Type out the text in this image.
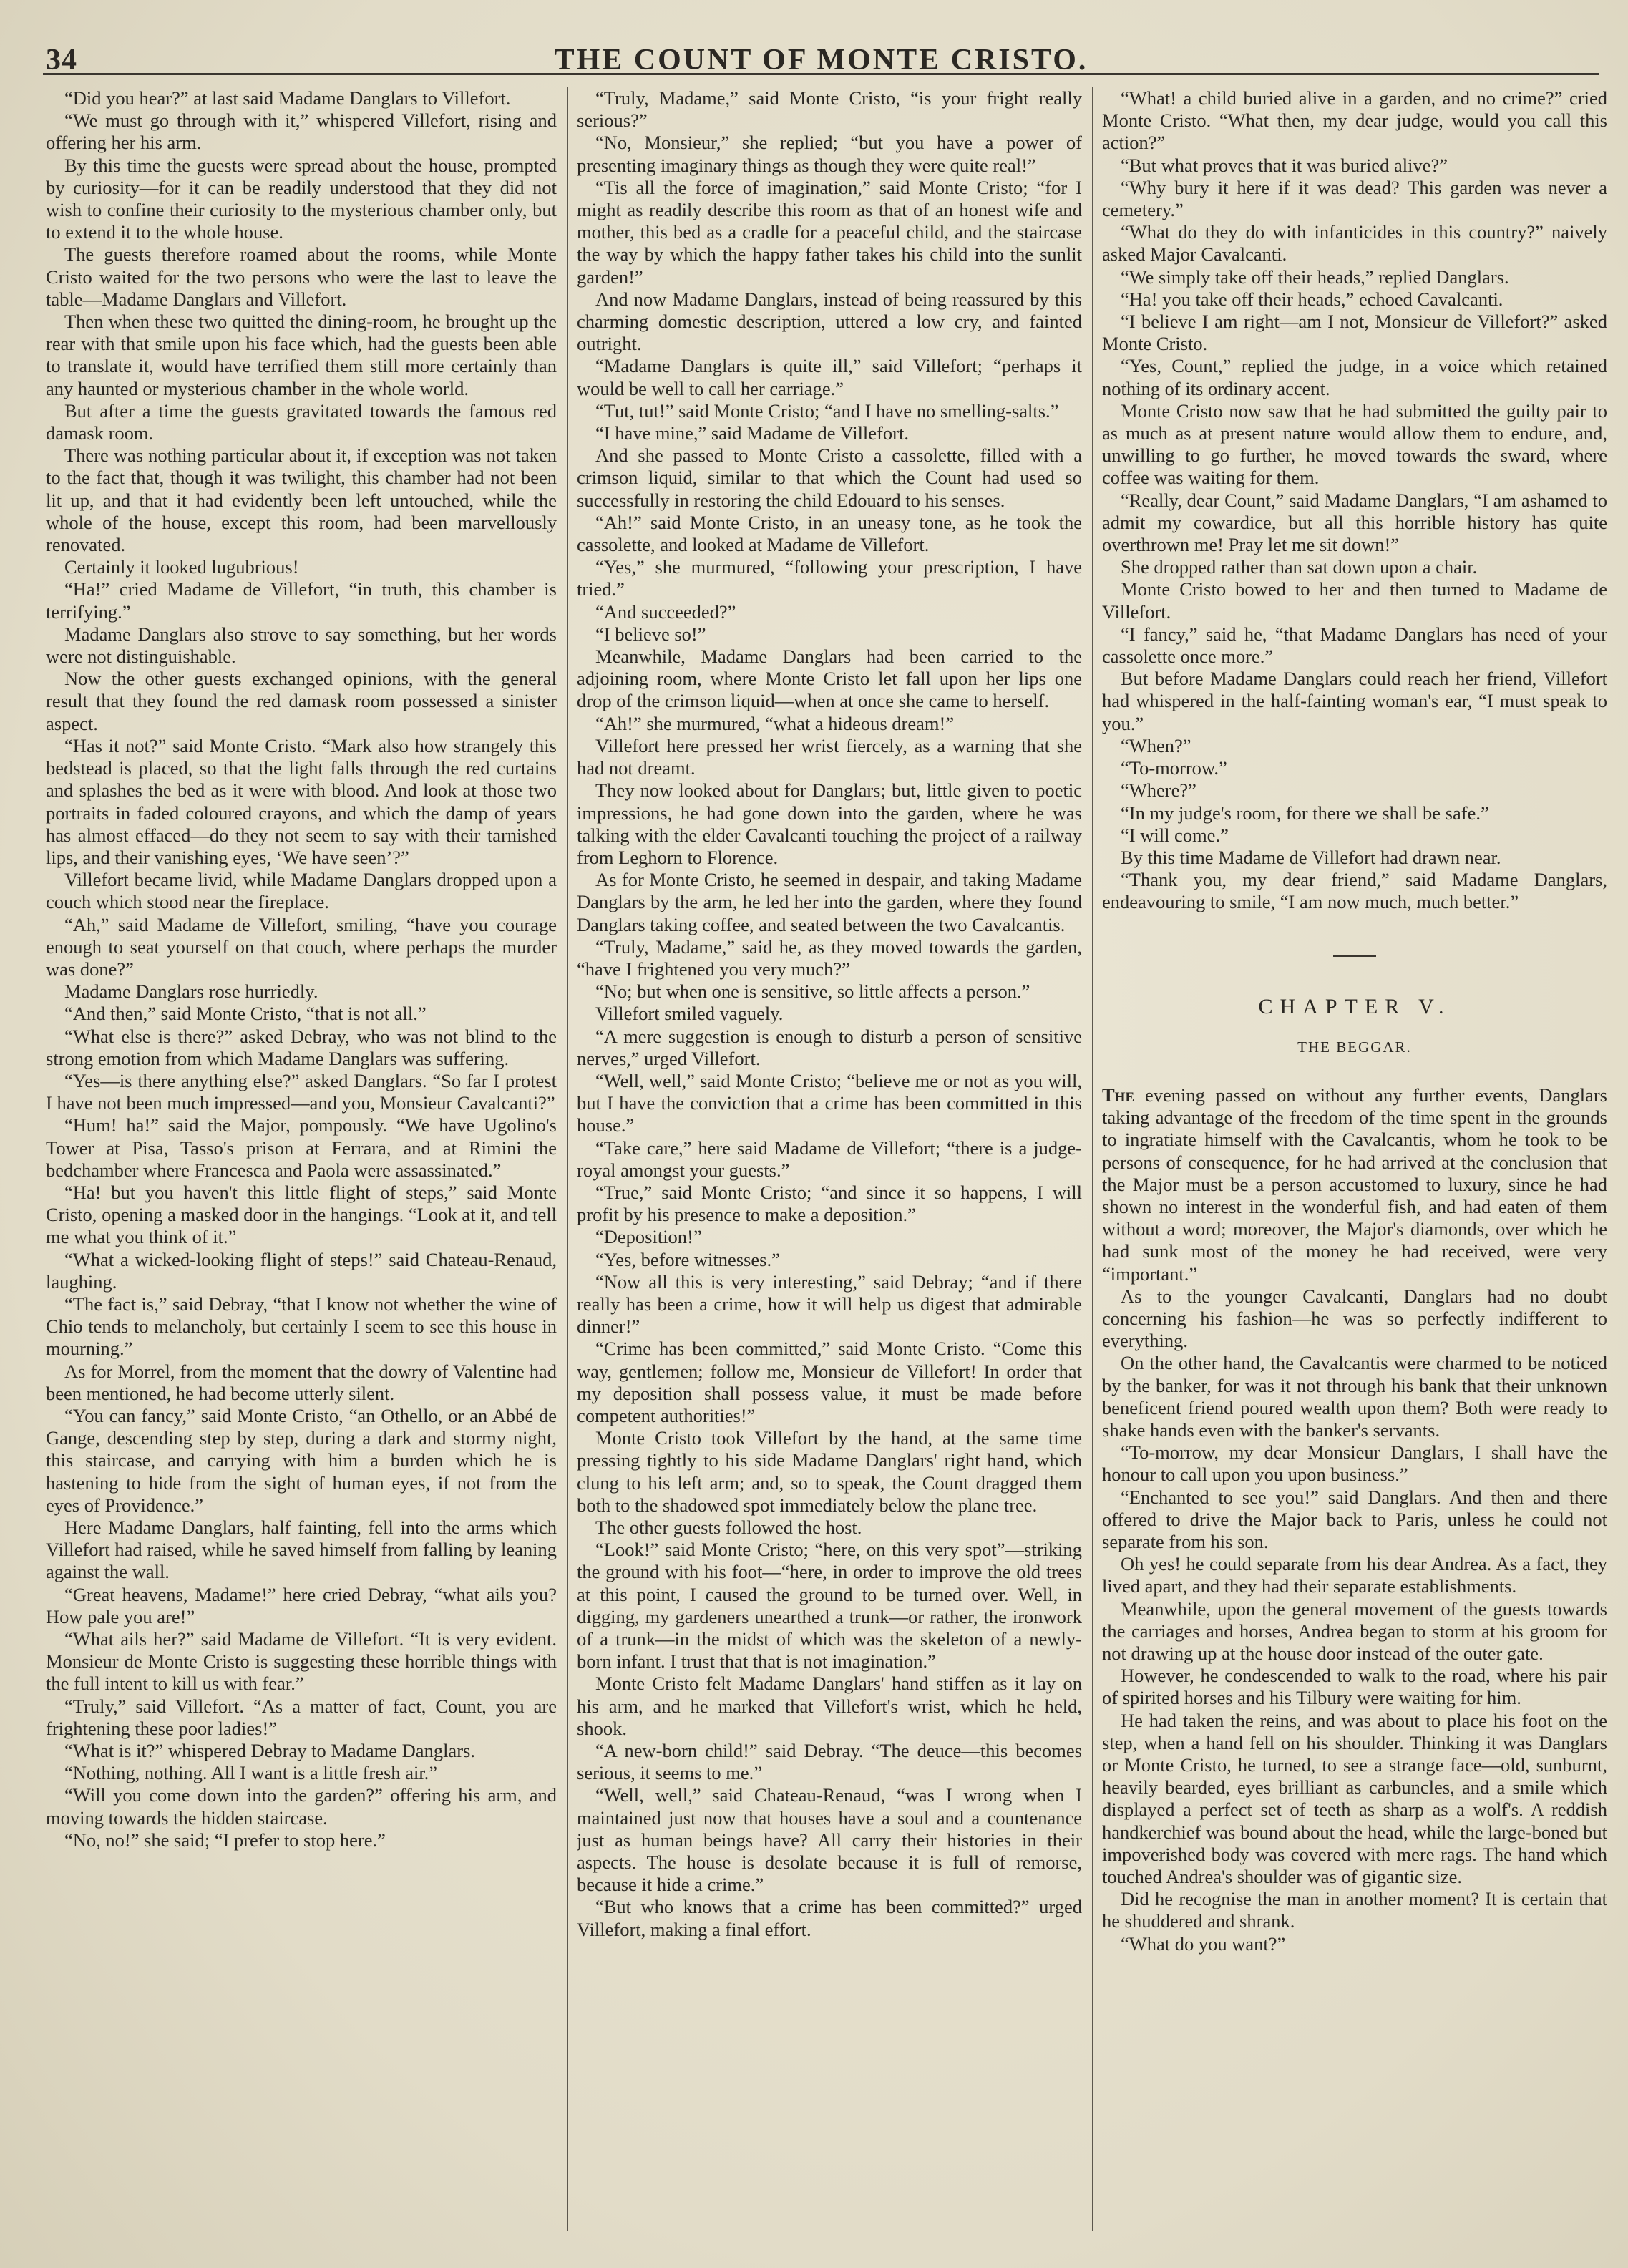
34	THE COUNT OF MONTE CRISTO.

“Did you hear?” at last said Madame Danglars to Villefort.

“We must go through with it,” whispered Villefort, rising and offering her his arm.

By this time the guests were spread about the house, prompted by curiosity—for it can be readily understood that they did not wish to confine their curiosity to the mysterious chamber only, but to extend it to the whole house.

The guests therefore roamed about the rooms, while Monte Cristo waited for the two persons who were the last to leave the table—Madame Danglars and Villefort.

Then when these two quitted the dining-room, he brought up the rear with that smile upon his face which, had the guests been able to translate it, would have terrified them still more certainly than any haunted or mysterious chamber in the whole world.

But after a time the guests gravitated towards the famous red damask room.

There was nothing particular about it, if exception was not taken to the fact that, though it was twilight, this chamber had not been lit up, and that it had evidently been left untouched, while the whole of the house, except this room, had been marvellously renovated.

Certainly it looked lugubrious!

“Ha!” cried Madame de Villefort, “in truth, this chamber is terrifying.”

Madame Danglars also strove to say something, but her words were not distinguishable.

Now the other guests exchanged opinions, with the general result that they found the red damask room possessed a sinister aspect.

“Has it not?” said Monte Cristo. “Mark also how strangely this bedstead is placed, so that the light falls through the red curtains and splashes the bed as it were with blood. And look at those two portraits in faded coloured crayons, and which the damp of years has almost effaced—do they not seem to say with their tarnished lips, and their vanishing eyes, ‘We have seen’?”

Villefort became livid, while Madame Danglars dropped upon a couch which stood near the fireplace.

“Ah,” said Madame de Villefort, smiling, “have you courage enough to seat yourself on that couch, where perhaps the murder was done?”

Madame Danglars rose hurriedly.

“And then,” said Monte Cristo, “that is not all.”

“What else is there?” asked Debray, who was not blind to the strong emotion from which Madame Danglars was suffering.

“Yes—is there anything else?” asked Danglars. “So far I protest I have not been much impressed—and you, Monsieur Cavalcanti?”

“Hum! ha!” said the Major, pompously. “We have Ugolino's Tower at Pisa, Tasso's prison at Ferrara, and at Rimini the bedchamber where Francesca and Paola were assassinated.”

“Ha! but you haven't this little flight of steps,” said Monte Cristo, opening a masked door in the hangings. “Look at it, and tell me what you think of it.”

“What a wicked-looking flight of steps!” said Chateau-Renaud, laughing.

“The fact is,” said Debray, “that I know not whether the wine of Chio tends to melancholy, but certainly I seem to see this house in mourning.”

As for Morrel, from the moment that the dowry of Valentine had been mentioned, he had become utterly silent.

“You can fancy,” said Monte Cristo, “an Othello, or an Abbé de Gange, descending step by step, during a dark and stormy night, this staircase, and carrying with him a burden which he is hastening to hide from the sight of human eyes, if not from the eyes of Providence.”

Here Madame Danglars, half fainting, fell into the arms which Villefort had raised, while he saved himself from falling by leaning against the wall.

“Great heavens, Madame!” here cried Debray, “what ails you? How pale you are!”

“What ails her?” said Madame de Villefort. “It is very evident. Monsieur de Monte Cristo is suggesting these horrible things with the full intent to kill us with fear.”

“Truly,” said Villefort. “As a matter of fact, Count, you are frightening these poor ladies!”

“What is it?” whispered Debray to Madame Danglars.

“Nothing, nothing. All I want is a little fresh air.”

“Will you come down into the garden?” offering his arm, and moving towards the hidden staircase.

“No, no!” she said; “I prefer to stop here.”

“Truly, Madame,” said Monte Cristo, “is your fright really serious?”

“No, Monsieur,” she replied; “but you have a power of presenting imaginary things as though they were quite real!”

“Tis all the force of imagination,” said Monte Cristo; “for I might as readily describe this room as that of an honest wife and mother, this bed as a cradle for a peaceful child, and the staircase the way by which the happy father takes his child into the sunlit garden!”

And now Madame Danglars, instead of being reassured by this charming domestic description, uttered a low cry, and fainted outright.

“Madame Danglars is quite ill,” said Villefort; “perhaps it would be well to call her carriage.”

“Tut, tut!” said Monte Cristo; “and I have no smelling-salts.”

“I have mine,” said Madame de Villefort.

And she passed to Monte Cristo a cassolette, filled with a crimson liquid, similar to that which the Count had used so successfully in restoring the child Edouard to his senses.

“Ah!” said Monte Cristo, in an uneasy tone, as he took the cassolette, and looked at Madame de Villefort.

“Yes,” she murmured, “following your prescription, I have tried.”

“And succeeded?”

“I believe so!”

Meanwhile, Madame Danglars had been carried to the adjoining room, where Monte Cristo let fall upon her lips one drop of the crimson liquid—when at once she came to herself.

“Ah!” she murmured, “what a hideous dream!”

Villefort here pressed her wrist fiercely, as a warning that she had not dreamt.

They now looked about for Danglars; but, little given to poetic impressions, he had gone down into the garden, where he was talking with the elder Cavalcanti touching the project of a railway from Leghorn to Florence.

As for Monte Cristo, he seemed in despair, and taking Madame Danglars by the arm, he led her into the garden, where they found Danglars taking coffee, and seated between the two Cavalcantis.

“Truly, Madame,” said he, as they moved towards the garden, “have I frightened you very much?”

“No; but when one is sensitive, so little affects a person.”

Villefort smiled vaguely.

“A mere suggestion is enough to disturb a person of sensitive nerves,” urged Villefort.

“Well, well,” said Monte Cristo; “believe me or not as you will, but I have the conviction that a crime has been committed in this house.”

“Take care,” here said Madame de Villefort; “there is a judge-royal amongst your guests.”

“True,” said Monte Cristo; “and since it so happens, I will profit by his presence to make a deposition.”

“Deposition!”

“Yes, before witnesses.”

“Now all this is very interesting,” said Debray; “and if there really has been a crime, how it will help us digest that admirable dinner!”

“Crime has been committed,” said Monte Cristo. “Come this way, gentlemen; follow me, Monsieur de Villefort! In order that my deposition shall possess value, it must be made before competent authorities!”

Monte Cristo took Villefort by the hand, at the same time pressing tightly to his side Madame Danglars' right hand, which clung to his left arm; and, so to speak, the Count dragged them both to the shadowed spot immediately below the plane tree.

The other guests followed the host.

“Look!” said Monte Cristo; “here, on this very spot”—striking the ground with his foot—“here, in order to improve the old trees at this point, I caused the ground to be turned over. Well, in digging, my gardeners unearthed a trunk—or rather, the ironwork of a trunk—in the midst of which was the skeleton of a newly-born infant. I trust that that is not imagination.”

Monte Cristo felt Madame Danglars' hand stiffen as it lay on his arm, and he marked that Villefort's wrist, which he held, shook.

“A new-born child!” said Debray. “The deuce—this becomes serious, it seems to me.”

“Well, well,” said Chateau-Renaud, “was I wrong when I maintained just now that houses have a soul and a countenance just as human beings have? All carry their histories in their aspects. The house is desolate because it is full of remorse, because it hide a crime.”

“But who knows that a crime has been committed?” urged Villefort, making a final effort.

“What! a child buried alive in a garden, and no crime?” cried Monte Cristo. “What then, my dear judge, would you call this action?”

“But what proves that it was buried alive?”

“Why bury it here if it was dead? This garden was never a cemetery.”

“What do they do with infanticides in this country?” naively asked Major Cavalcanti.

“We simply take off their heads,” replied Danglars.

“Ha! you take off their heads,” echoed Cavalcanti.

“I believe I am right—am I not, Monsieur de Villefort?” asked Monte Cristo.

“Yes, Count,” replied the judge, in a voice which retained nothing of its ordinary accent.

Monte Cristo now saw that he had submitted the guilty pair to as much as at present nature would allow them to endure, and, unwilling to go further, he moved towards the sward, where coffee was waiting for them.

“Really, dear Count,” said Madame Danglars, “I am ashamed to admit my cowardice, but all this horrible history has quite overthrown me! Pray let me sit down!”

She dropped rather than sat down upon a chair.

Monte Cristo bowed to her and then turned to Madame de Villefort.

“I fancy,” said he, “that Madame Danglars has need of your cassolette once more.”

But before Madame Danglars could reach her friend, Villefort had whispered in the half-fainting woman's ear, “I must speak to you.”

“When?”

“To-morrow.”

“Where?”

“In my judge's room, for there we shall be safe.”

“I will come.”

By this time Madame de Villefort had drawn near.

“Thank you, my dear friend,” said Madame Danglars, endeavouring to smile, “I am now much, much better.”

CHAPTER V.
THE BEGGAR.

The evening passed on without any further events, Danglars taking advantage of the freedom of the time spent in the grounds to ingratiate himself with the Cavalcantis, whom he took to be persons of consequence, for he had arrived at the conclusion that the Major must be a person accustomed to luxury, since he had shown no interest in the wonderful fish, and had eaten of them without a word; moreover, the Major's diamonds, over which he had sunk most of the money he had received, were very “important.”

As to the younger Cavalcanti, Danglars had no doubt concerning his fashion—he was so perfectly indifferent to everything.

On the other hand, the Cavalcantis were charmed to be noticed by the banker, for was it not through his bank that their unknown beneficent friend poured wealth upon them? Both were ready to shake hands even with the banker's servants.

“To-morrow, my dear Monsieur Danglars, I shall have the honour to call upon you upon business.”

“Enchanted to see you!” said Danglars. And then and there offered to drive the Major back to Paris, unless he could not separate from his son.

Oh yes! he could separate from his dear Andrea. As a fact, they lived apart, and they had their separate establishments.

Meanwhile, upon the general movement of the guests towards the carriages and horses, Andrea began to storm at his groom for not drawing up at the house door instead of the outer gate.

However, he condescended to walk to the road, where his pair of spirited horses and his Tilbury were waiting for him.

He had taken the reins, and was about to place his foot on the step, when a hand fell on his shoulder. Thinking it was Danglars or Monte Cristo, he turned, to see a strange face—old, sunburnt, heavily bearded, eyes brilliant as carbuncles, and a smile which displayed a perfect set of teeth as sharp as a wolf's. A reddish handkerchief was bound about the head, while the large-boned but impoverished body was covered with mere rags. The hand which touched Andrea's shoulder was of gigantic size.

Did he recognise the man in another moment? It is certain that he shuddered and shrank.

“What do you want?”
